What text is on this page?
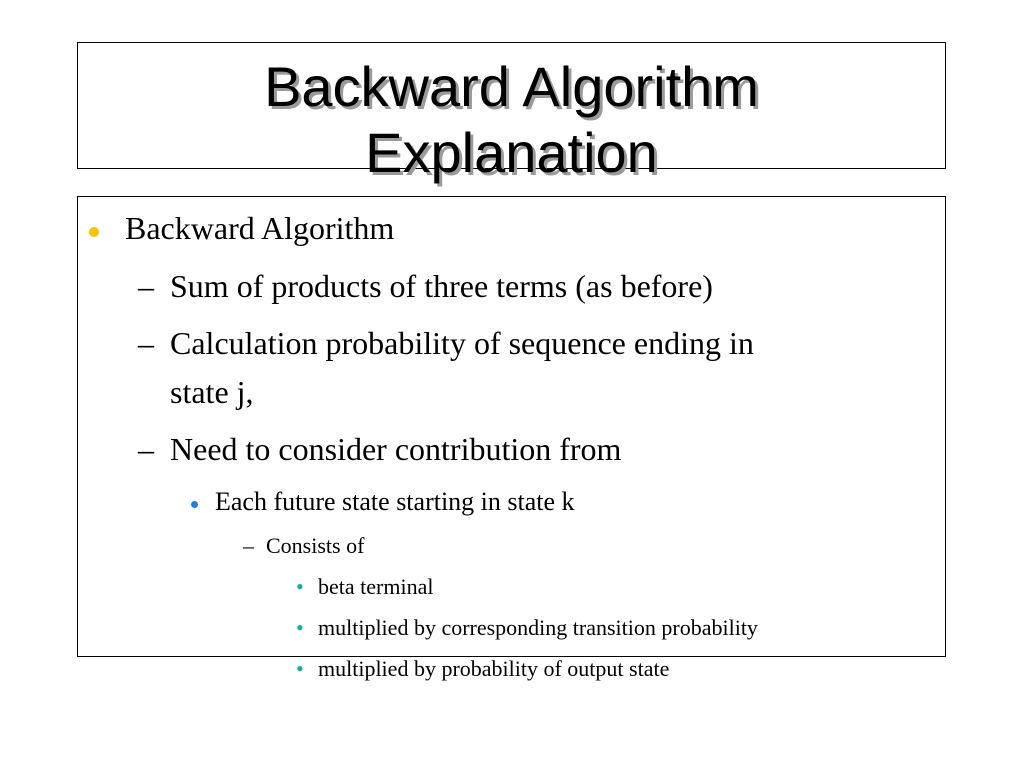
Backward Algorithm
Explanation
Backward Algorithm
– Sum of products of three terms (as before)
– Calculation probability of sequence ending in
state j,
– Need to consider contribution from
Each future state starting in state k
– Consists of
• beta terminal
• multiplied by corresponding transition probability
• multiplied by probability of output state
